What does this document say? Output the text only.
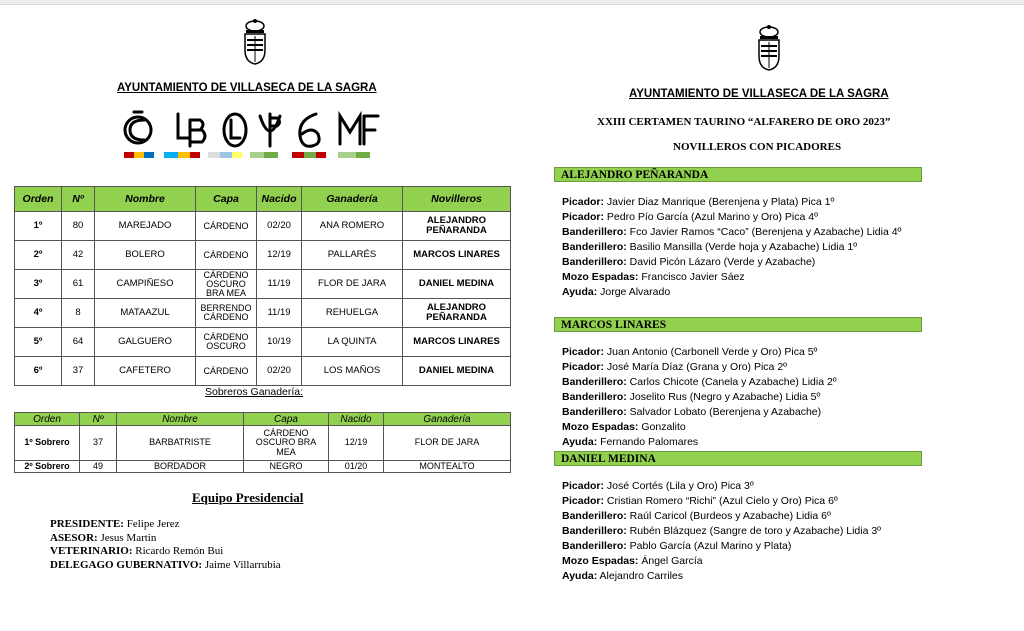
AYUNTAMIENTO DE VILLASECA DE LA SAGRA
Orden	Nº	Nombre	Capa	Nacido	Ganadería	Novilleros
1º	80	MAREJADO	CÁRDENO	02/20	ANA ROMERO	ALEJANDRO PEÑARANDA
2º	42	BOLERO	CÁRDENO	12/19	PALLARÉS	MARCOS LINARES
3º	61	CAMPIÑESO	CÁRDENO OSCURO BRA MEA	11/19	FLOR DE JARA	DANIEL MEDINA
4º	8	MATAAZUL	BERRENDO CÁRDENO	11/19	REHUELGA	ALEJANDRO PEÑARANDA
5º	64	GALGUERO	CÁRDENO OSCURO	10/19	LA QUINTA	MARCOS LINARES
6º	37	CAFETERO	CÁRDENO	02/20	LOS MAÑOS	DANIEL MEDINA
Sobreros Ganadería:
Orden	Nº	Nombre	Capa	Nacido	Ganadería
1º Sobrero	37	BARBATRISTE	CÁRDENO OSCURO BRA MEA	12/19	FLOR DE JARA
2º Sobrero	49	BORDADOR	NEGRO	01/20	MONTEALTO
Equipo Presidencial
PRESIDENTE: Felipe Jerez
ASESOR: Jesus Martin
VETERINARIO: Ricardo Remón Bui
DELEGAGO GUBERNATIVO: Jaime Villarrubia
AYUNTAMIENTO DE VILLASECA DE LA SAGRA
XXIII CERTAMEN TAURINO “ALFARERO DE ORO 2023”
NOVILLEROS CON PICADORES
ALEJANDRO PEÑARANDA
Picador: Javier Diaz Manrique (Berenjena y Plata) Pica 1º
Picador: Pedro Pío García (Azul Marino y Oro) Pica 4º
Banderillero: Fco Javier Ramos “Caco” (Berenjena y Azabache) Lidia 4º
Banderillero: Basilio Mansilla (Verde hoja y Azabache) Lidia 1º
Banderillero: David Picón Lázaro (Verde y Azabache)
Mozo Espadas: Francisco Javier Sáez
Ayuda: Jorge Alvarado
MARCOS LINARES
Picador: Juan Antonio (Carbonell Verde y Oro) Pica 5º
Picador: José María Díaz (Grana y Oro) Pica 2º
Banderillero: Carlos Chicote (Canela y Azabache) Lidia 2º
Banderillero: Joselito Rus (Negro y Azabache) Lidia 5º
Banderillero: Salvador Lobato (Berenjena y Azabache)
Mozo Espadas: Gonzalito
Ayuda: Fernando Palomares
DANIEL MEDINA
Picador: José Cortés (Lila y Oro) Pica 3º
Picador: Cristian Romero “Richi” (Azul Cielo y Oro) Pica 6º
Banderillero: Raúl Caricol (Burdeos y Azabache) Lidia 6º
Banderillero: Rubén Blázquez (Sangre de toro y Azabache) Lidia 3º
Banderillero: Pablo García (Azul Marino y Plata)
Mozo Espadas: Ángel García
Ayuda: Alejandro Carriles
